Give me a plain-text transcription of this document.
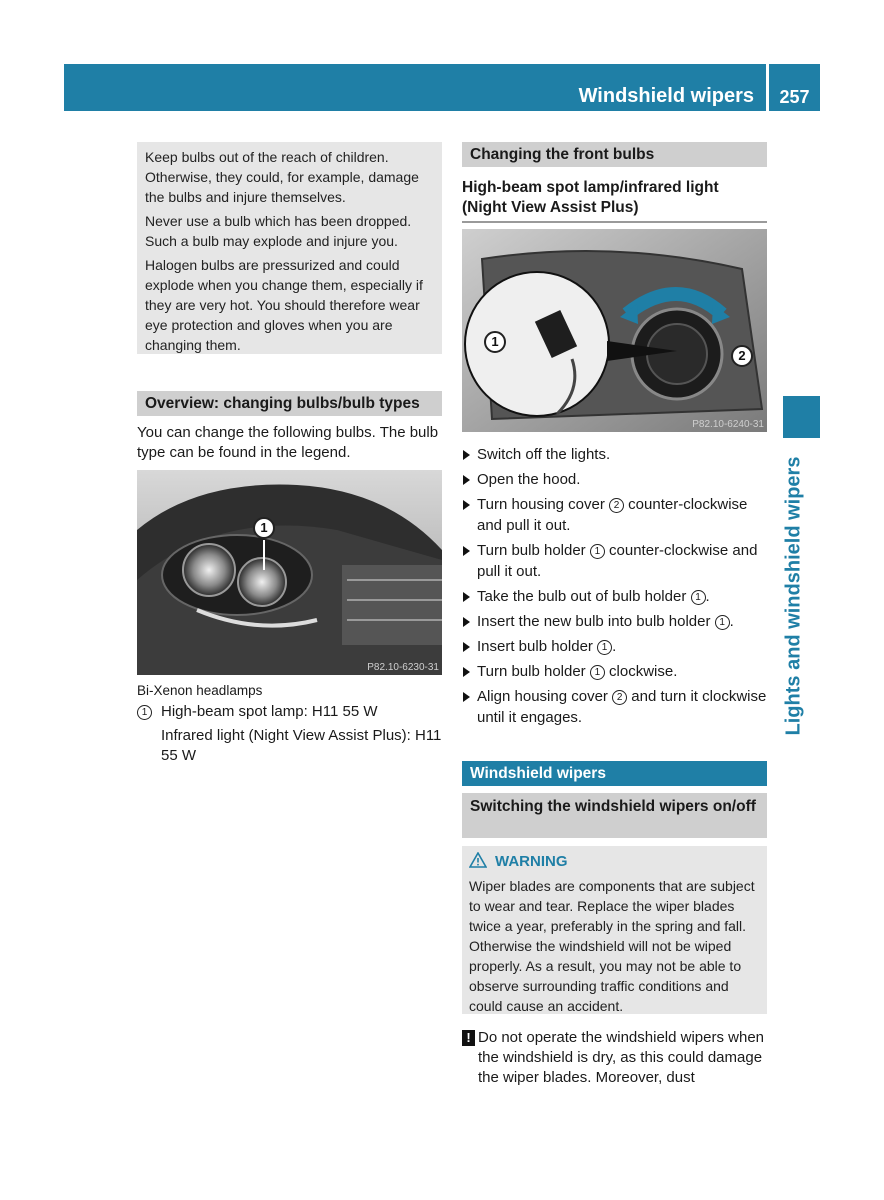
Windshield wipers	257
Lights and windshield wipers

Keep bulbs out of the reach of children. Otherwise, they could, for example, damage the bulbs and injure themselves.

Never use a bulb which has been dropped. Such a bulb may explode and injure you.

Halogen bulbs are pressurized and could explode when you change them, especially if they are very hot. You should therefore wear eye protection and gloves when you are changing them.

Overview: changing bulbs/bulb types
You can change the following bulbs. The bulb type can be found in the legend.
1
P82.10-6230-31
Bi-Xenon headlamps
1 High-beam spot lamp: H11 55 W
Infrared light (Night View Assist Plus): H11 55 W
Changing the front bulbs
High-beam spot lamp/infrared light (Night View Assist Plus)
1
2
P82.10-6240-31
Switch off the lights.
Open the hood.
Turn housing cover 2 counter-clockwise and pull it out.
Turn bulb holder 1 counter-clockwise and pull it out.
Take the bulb out of bulb holder 1 .
Insert the new bulb into bulb holder 1 .
Insert bulb holder 1 .
Turn bulb holder 1 clockwise.
Align housing cover 2 and turn it clockwise until it engages.
Windshield wipers
Switching the windshield wipers on/off
WARNING
Wiper blades are components that are subject to wear and tear. Replace the wiper blades twice a year, preferably in the spring and fall. Otherwise the windshield will not be wiped properly. As a result, you may not be able to observe surrounding traffic conditions and could cause an accident.
! Do not operate the windshield wipers when the windshield is dry, as this could damage the wiper blades. Moreover, dust
